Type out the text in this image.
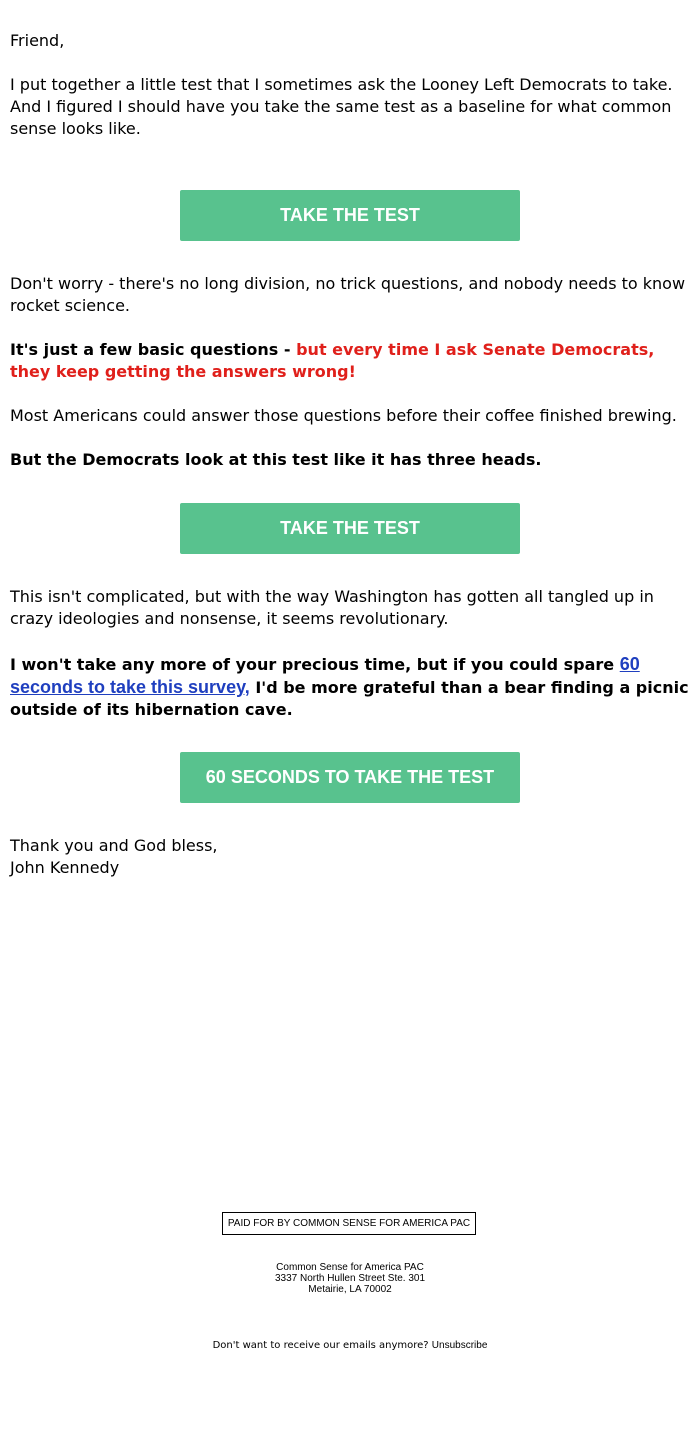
Friend,

I put together a little test that I sometimes ask the Looney Left Democrats to take. And I figured I should have you take the same test as a baseline for what common sense looks like.

TAKE THE TEST

Don't worry - there's no long division, no trick questions, and nobody needs to know rocket science.

It's just a few basic questions - but every time I ask Senate Democrats, they keep getting the answers wrong!

Most Americans could answer those questions before their coffee finished brewing.

But the Democrats look at this test like it has three heads.

TAKE THE TEST

This isn't complicated, but with the way Washington has gotten all tangled up in crazy ideologies and nonsense, it seems revolutionary.

I won't take any more of your precious time, but if you could spare 60 seconds to take this survey, I'd be more grateful than a bear finding a picnic outside of its hibernation cave.

60 SECONDS TO TAKE THE TEST

Thank you and God bless,

John Kennedy

PAID FOR BY COMMON SENSE FOR AMERICA PAC
Common Sense for America PAC
3337 North Hullen Street Ste. 301
Metairie, LA 70002
Don't want to receive our emails anymore? Unsubscribe
